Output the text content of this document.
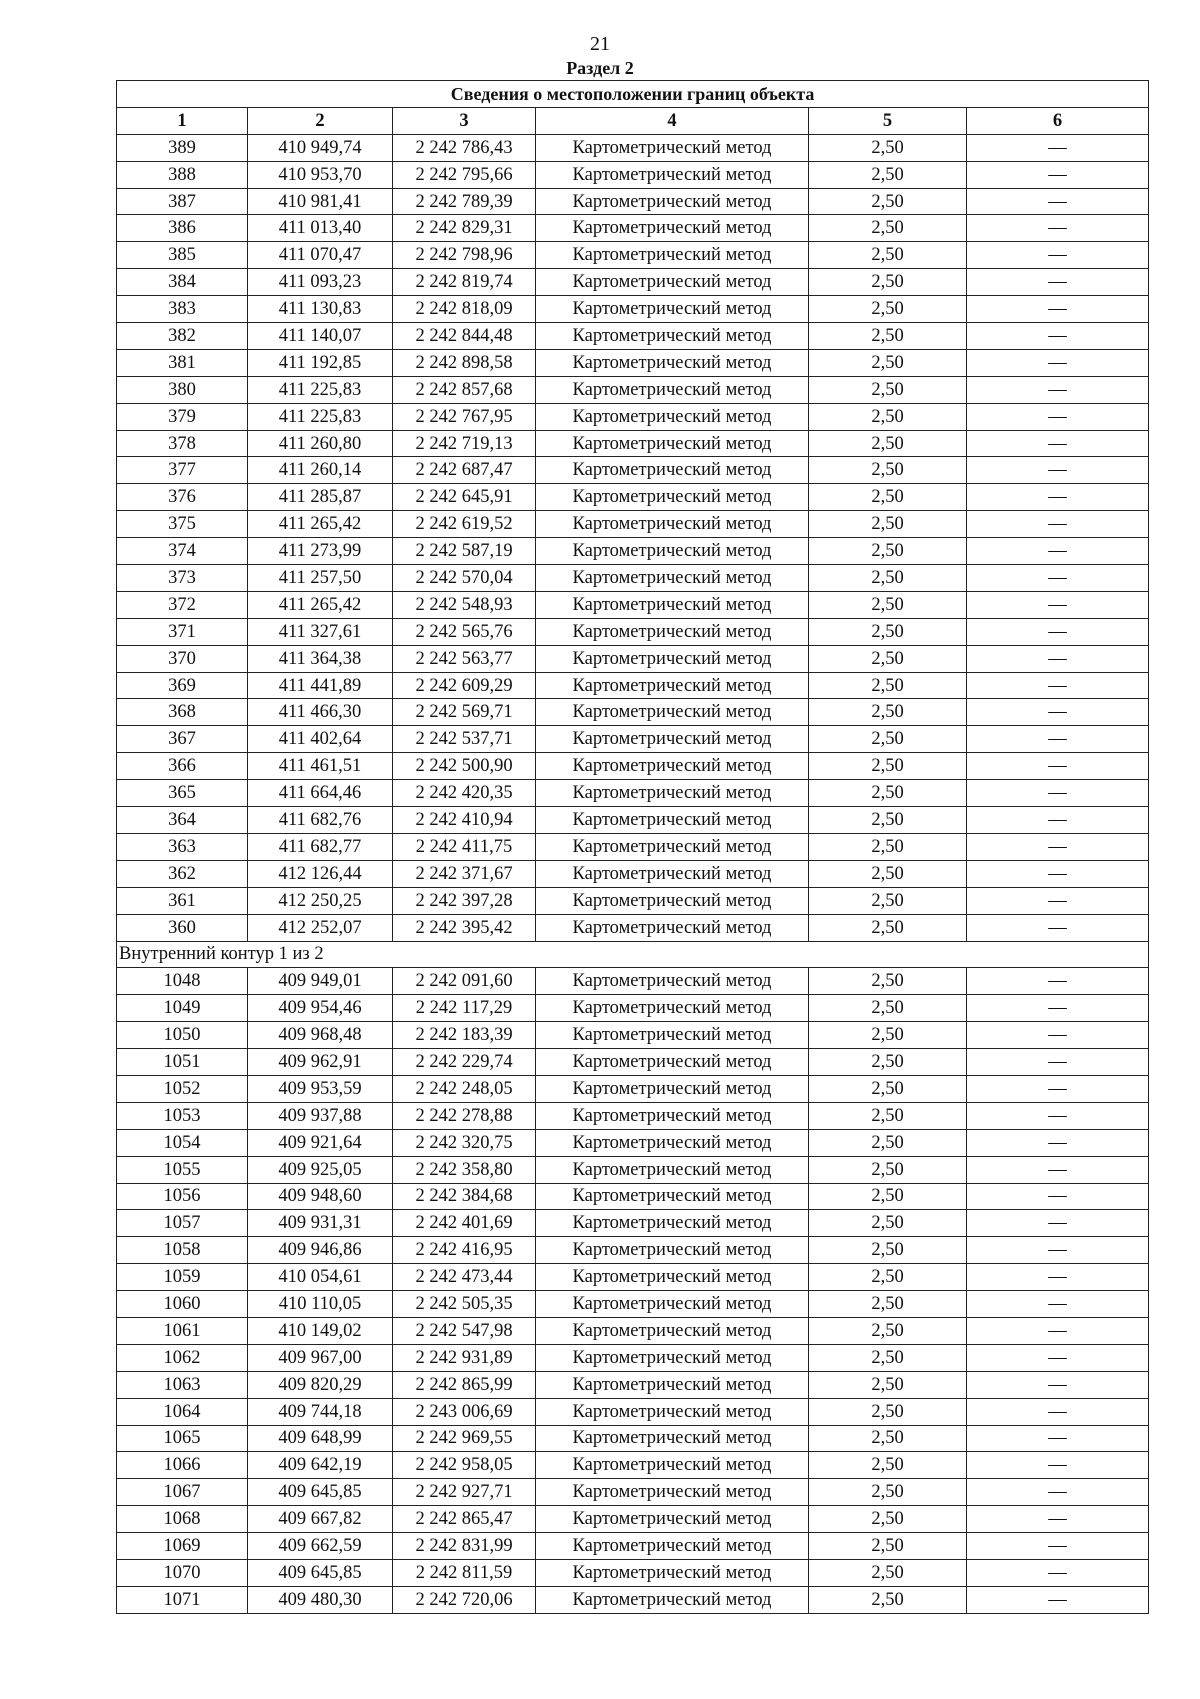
21
Раздел 2
Сведения о местоположении границ объекта					
1	2	3	4	5	6
389	410 949,74	2 242 786,43	Картометрический метод	2,50	—
388	410 953,70	2 242 795,66	Картометрический метод	2,50	—
387	410 981,41	2 242 789,39	Картометрический метод	2,50	—
386	411 013,40	2 242 829,31	Картометрический метод	2,50	—
385	411 070,47	2 242 798,96	Картометрический метод	2,50	—
384	411 093,23	2 242 819,74	Картометрический метод	2,50	—
383	411 130,83	2 242 818,09	Картометрический метод	2,50	—
382	411 140,07	2 242 844,48	Картометрический метод	2,50	—
381	411 192,85	2 242 898,58	Картометрический метод	2,50	—
380	411 225,83	2 242 857,68	Картометрический метод	2,50	—
379	411 225,83	2 242 767,95	Картометрический метод	2,50	—
378	411 260,80	2 242 719,13	Картометрический метод	2,50	—
377	411 260,14	2 242 687,47	Картометрический метод	2,50	—
376	411 285,87	2 242 645,91	Картометрический метод	2,50	—
375	411 265,42	2 242 619,52	Картометрический метод	2,50	—
374	411 273,99	2 242 587,19	Картометрический метод	2,50	—
373	411 257,50	2 242 570,04	Картометрический метод	2,50	—
372	411 265,42	2 242 548,93	Картометрический метод	2,50	—
371	411 327,61	2 242 565,76	Картометрический метод	2,50	—
370	411 364,38	2 242 563,77	Картометрический метод	2,50	—
369	411 441,89	2 242 609,29	Картометрический метод	2,50	—
368	411 466,30	2 242 569,71	Картометрический метод	2,50	—
367	411 402,64	2 242 537,71	Картометрический метод	2,50	—
366	411 461,51	2 242 500,90	Картометрический метод	2,50	—
365	411 664,46	2 242 420,35	Картометрический метод	2,50	—
364	411 682,76	2 242 410,94	Картометрический метод	2,50	—
363	411 682,77	2 242 411,75	Картометрический метод	2,50	—
362	412 126,44	2 242 371,67	Картометрический метод	2,50	—
361	412 250,25	2 242 397,28	Картометрический метод	2,50	—
360	412 252,07	2 242 395,42	Картометрический метод	2,50	—
Внутренний контур 1 из 2					
1048	409 949,01	2 242 091,60	Картометрический метод	2,50	—
1049	409 954,46	2 242 117,29	Картометрический метод	2,50	—
1050	409 968,48	2 242 183,39	Картометрический метод	2,50	—
1051	409 962,91	2 242 229,74	Картометрический метод	2,50	—
1052	409 953,59	2 242 248,05	Картометрический метод	2,50	—
1053	409 937,88	2 242 278,88	Картометрический метод	2,50	—
1054	409 921,64	2 242 320,75	Картометрический метод	2,50	—
1055	409 925,05	2 242 358,80	Картометрический метод	2,50	—
1056	409 948,60	2 242 384,68	Картометрический метод	2,50	—
1057	409 931,31	2 242 401,69	Картометрический метод	2,50	—
1058	409 946,86	2 242 416,95	Картометрический метод	2,50	—
1059	410 054,61	2 242 473,44	Картометрический метод	2,50	—
1060	410 110,05	2 242 505,35	Картометрический метод	2,50	—
1061	410 149,02	2 242 547,98	Картометрический метод	2,50	—
1062	409 967,00	2 242 931,89	Картометрический метод	2,50	—
1063	409 820,29	2 242 865,99	Картометрический метод	2,50	—
1064	409 744,18	2 243 006,69	Картометрический метод	2,50	—
1065	409 648,99	2 242 969,55	Картометрический метод	2,50	—
1066	409 642,19	2 242 958,05	Картометрический метод	2,50	—
1067	409 645,85	2 242 927,71	Картометрический метод	2,50	—
1068	409 667,82	2 242 865,47	Картометрический метод	2,50	—
1069	409 662,59	2 242 831,99	Картометрический метод	2,50	—
1070	409 645,85	2 242 811,59	Картометрический метод	2,50	—
1071	409 480,30	2 242 720,06	Картометрический метод	2,50	—
